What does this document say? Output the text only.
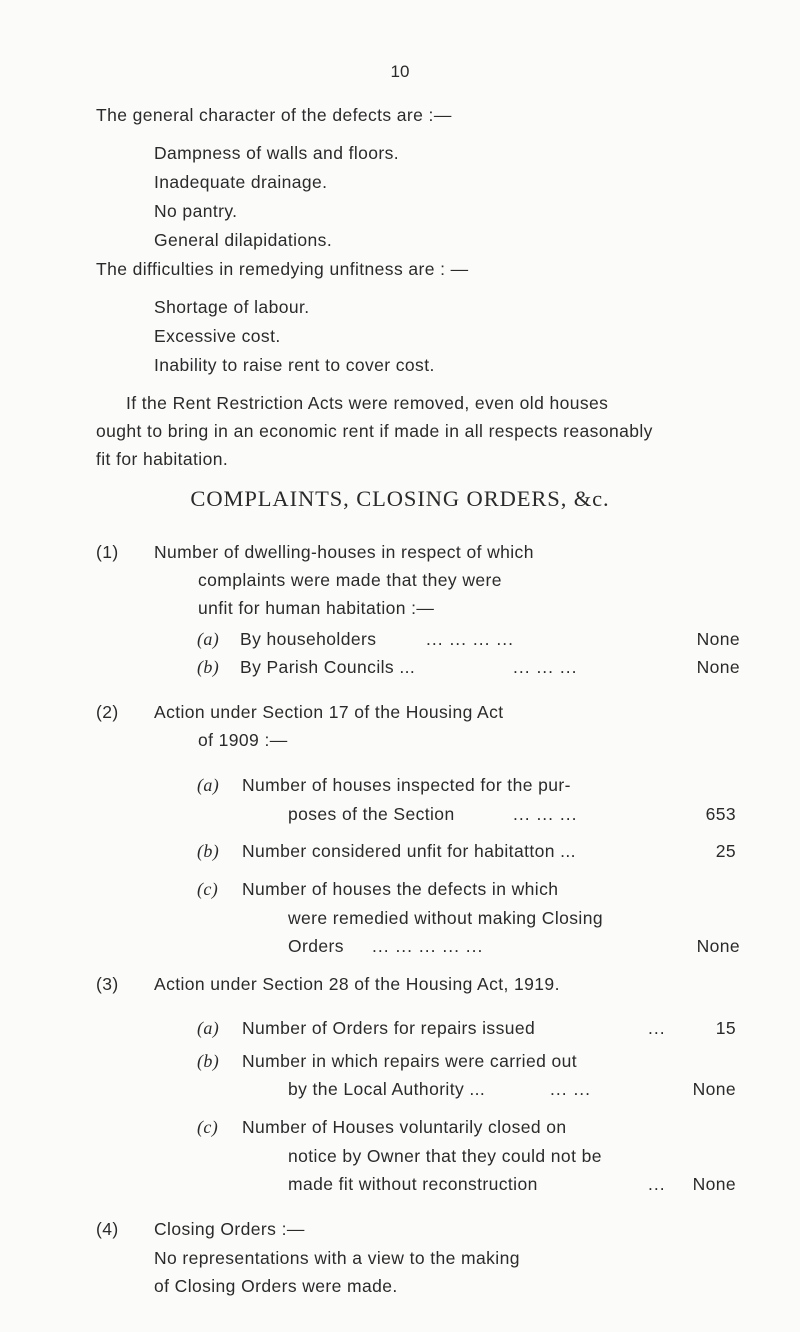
10
The general character of the defects are :—
Dampness of walls and floors.
Inadequate drainage.
No pantry.
General dilapidations.
The difficulties in remedying unfitness are : —
Shortage of labour.
Excessive cost.
Inability to raise rent to cover cost.
If the Rent Restriction Acts were removed, even old houses
ought to bring in an economic rent if made in all respects reasonably
fit for habitation.
COMPLAINTS, CLOSING ORDERS, &c.
(1) Number of dwelling-houses in respect of which
complaints were made that they were
unfit for human habitation :—
(a) By householders	... ... ... ...	None
(b) By Parish Councils ...	... ... ...	None
(2) Action under Section 17 of the Housing Act
of 1909 :—
(a) Number of houses inspected for the pur-
poses of the Section	... ... ...	653
(b) Number considered unfit for habitatton ...	25
(c) Number of houses the defects in which
were remedied without making Closing
Orders ... ... ... ... ...	None
(3) Action under Section 28 of the Housing Act, 1919.
(a) Number of Orders for repairs issued	...	15
(b) Number in which repairs were carried out
by the Local Authority ...	... ...	None
(c) Number of Houses voluntarily closed on
notice by Owner that they could not be
made fit without reconstruction	... None
(4) Closing Orders :—
No representations with a view to the making
of Closing Orders were made.
